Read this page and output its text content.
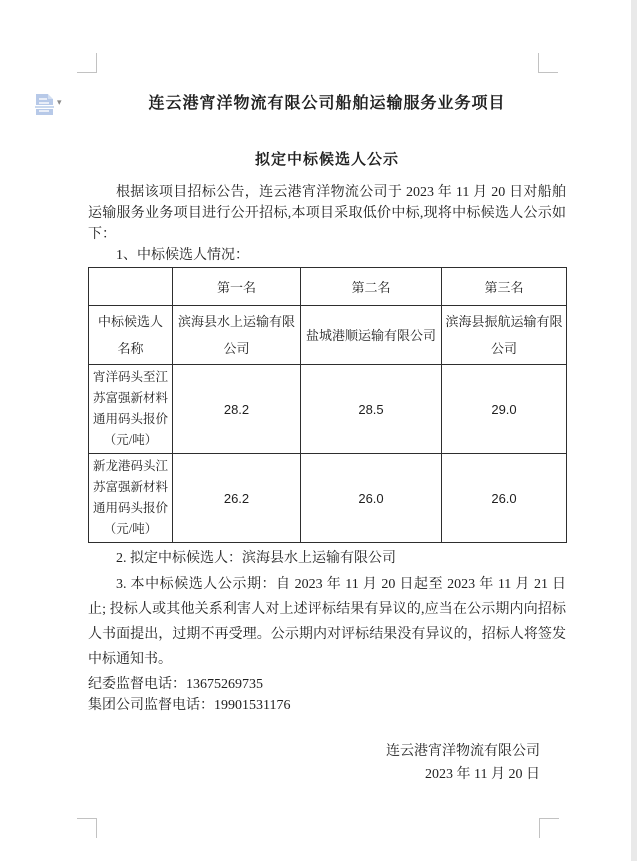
▾	连云港宵洋物流有限公司船舶运输服务业务项目
拟定中标候选人公示

根据该项目招标公告，连云港宵洋物流公司于 2023 年 11 月 20 日对船舶运输服务业务项目进行公开招标,本项目采取低价中标,现将中标候选人公示如下：

1、中标候选人情况：

	第一名	第二名	第三名
中标候选人名称	滨海县水上运输有限公司	盐城港顺运输有限公司	滨海县振航运输有限公司
宵洋码头至江苏富强新材料通用码头报价（元/吨）	28.2	28.5	29.0
新龙港码头江苏富强新材料通用码头报价（元/吨）	26.2	26.0	26.0

2. 拟定中标候选人：滨海县水上运输有限公司

3. 本中标候选人公示期：自 2023 年 11 月 20 日起至 2023 年 11 月 21 日止; 投标人或其他关系利害人对上述评标结果有异议的,应当在公示期内向招标人书面提出，过期不再受理。公示期内对评标结果没有异议的，招标人将签发中标通知书。

纪委监督电话：13675269735
集团公司监督电话：19901531176
连云港宵洋物流有限公司
2023 年 11 月 20 日
